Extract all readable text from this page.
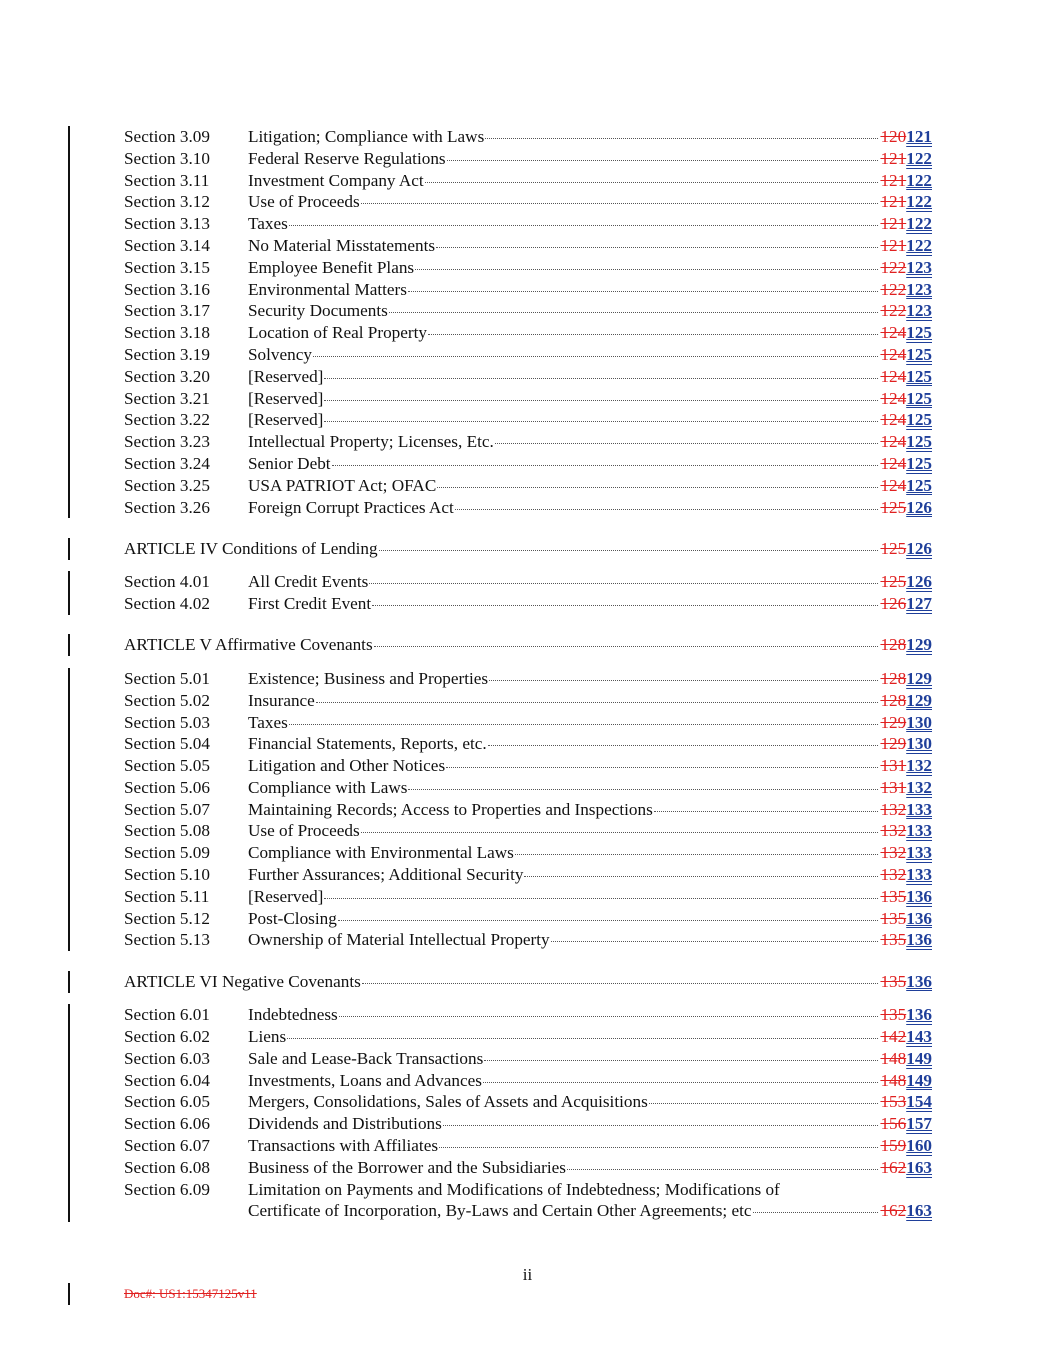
Section 3.09	Litigation; Compliance with Laws	120121
Section 3.10	Federal Reserve Regulations	121122
Section 3.11	Investment Company Act	121122
Section 3.12	Use of Proceeds	121122
Section 3.13	Taxes	121122
Section 3.14	No Material Misstatements	121122
Section 3.15	Employee Benefit Plans	122123
Section 3.16	Environmental Matters	122123
Section 3.17	Security Documents	122123
Section 3.18	Location of Real Property	124125
Section 3.19	Solvency	124125
Section 3.20	[Reserved]	124125
Section 3.21	[Reserved]	124125
Section 3.22	[Reserved]	124125
Section 3.23	Intellectual Property; Licenses, Etc.	124125
Section 3.24	Senior Debt	124125
Section 3.25	USA PATRIOT Act; OFAC	124125
Section 3.26	Foreign Corrupt Practices Act	125126
ARTICLE IV Conditions of Lending	125126
Section 4.01	All Credit Events	125126
Section 4.02	First Credit Event	126127
ARTICLE V Affirmative Covenants	128129
Section 5.01	Existence; Business and Properties	128129
Section 5.02	Insurance	128129
Section 5.03	Taxes	129130
Section 5.04	Financial Statements, Reports, etc.	129130
Section 5.05	Litigation and Other Notices	131132
Section 5.06	Compliance with Laws	131132
Section 5.07	Maintaining Records; Access to Properties and Inspections	132133
Section 5.08	Use of Proceeds	132133
Section 5.09	Compliance with Environmental Laws	132133
Section 5.10	Further Assurances; Additional Security	132133
Section 5.11	[Reserved]	135136
Section 5.12	Post-Closing	135136
Section 5.13	Ownership of Material Intellectual Property	135136
ARTICLE VI Negative Covenants	135136
Section 6.01	Indebtedness	135136
Section 6.02	Liens	142143
Section 6.03	Sale and Lease-Back Transactions	148149
Section 6.04	Investments, Loans and Advances	148149
Section 6.05	Mergers, Consolidations, Sales of Assets and Acquisitions	153154
Section 6.06	Dividends and Distributions	156157
Section 6.07	Transactions with Affiliates	159160
Section 6.08	Business of the Borrower and the Subsidiaries	162163
Section 6.09	Limitation on Payments and Modifications of Indebtedness; Modifications of
Certificate of Incorporation, By-Laws and Certain Other Agreements; etc	162163
ii
Doc#: US1:15347125v11
